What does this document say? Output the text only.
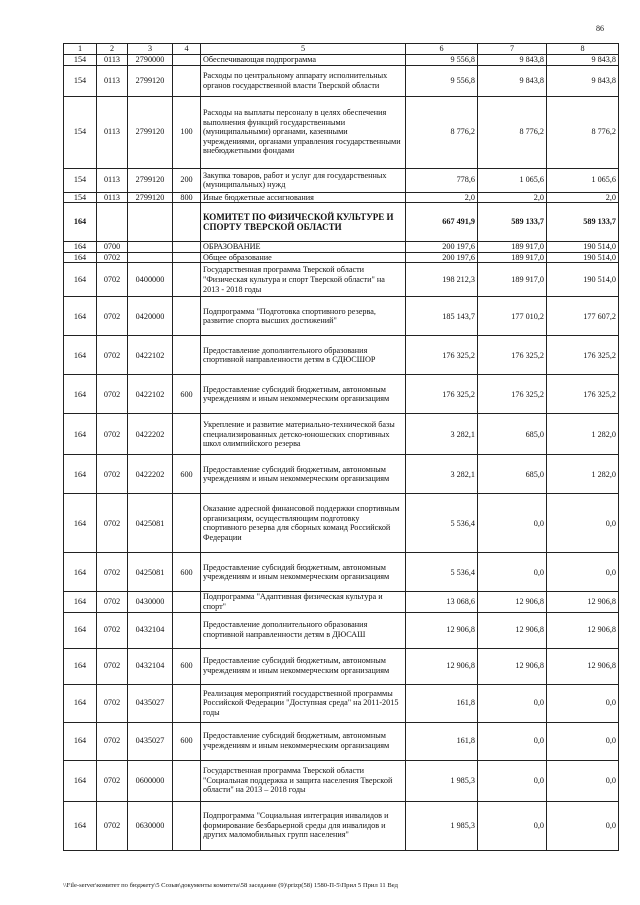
86
1	2	3	4	5	6	7	8
154	0113	2790000		Обеспечивающая подпрограмма	9 556,8	9 843,8	9 843,8
154	0113	2799120		Расходы по центральному аппарату исполнительных органов государственной власти Тверской области	9 556,8	9 843,8	9 843,8
154	0113	2799120	100	Расходы на выплаты персоналу в целях обеспечения выполнения функций государственными (муниципальными) органами, казенными учреждениями, органами управления государственными внебюджетными фондами	8 776,2	8 776,2	8 776,2
154	0113	2799120	200	Закупка товаров, работ и услуг для государственных (муниципальных) нужд	778,6	1 065,6	1 065,6
154	0113	2799120	800	Иные бюджетные ассигнования	2,0	2,0	2,0
164				КОМИТЕТ ПО ФИЗИЧЕСКОЙ КУЛЬТУРЕ И СПОРТУ ТВЕРСКОЙ ОБЛАСТИ	667 491,9	589 133,7	589 133,7
164	0700			ОБРАЗОВАНИЕ	200 197,6	189 917,0	190 514,0
164	0702			Общее образование	200 197,6	189 917,0	190 514,0
164	0702	0400000		Государственная программа Тверской области "Физическая культура и спорт Тверской области" на 2013 - 2018 годы	198 212,3	189 917,0	190 514,0
164	0702	0420000		Подпрограмма "Подготовка спортивного резерва, развитие спорта высших достижений"	185 143,7	177 010,2	177 607,2
164	0702	0422102		Предоставление дополнительного образования спортивной направленности детям в СДЮСШОР	176 325,2	176 325,2	176 325,2
164	0702	0422102	600	Предоставление субсидий бюджетным, автономным учреждениям и иным некоммерческим организациям	176 325,2	176 325,2	176 325,2
164	0702	0422202		Укрепление и развитие материально-технической базы специализированных детско-юношеских спортивных школ олимпийского резерва	3 282,1	685,0	1 282,0
164	0702	0422202	600	Предоставление субсидий бюджетным, автономным учреждениям и иным некоммерческим организациям	3 282,1	685,0	1 282,0
164	0702	0425081		Оказание адресной финансовой поддержки спортивным организациям, осуществляющим подготовку спортивного резерва для сборных команд Российской Федерации	5 536,4	0,0	0,0
164	0702	0425081	600	Предоставление субсидий бюджетным, автономным учреждениям и иным некоммерческим организациям	5 536,4	0,0	0,0
164	0702	0430000		Подпрограмма "Адаптивная физическая культура и спорт"	13 068,6	12 906,8	12 906,8
164	0702	0432104		Предоставление дополнительного образования спортивной направленности детям в ДЮСАШ	12 906,8	12 906,8	12 906,8
164	0702	0432104	600	Предоставление субсидий бюджетным, автономным учреждениям и иным некоммерческим организациям	12 906,8	12 906,8	12 906,8
164	0702	0435027		Реализация мероприятий государственной программы Российской Федерации "Доступная среда" на 2011-2015 годы	161,8	0,0	0,0
164	0702	0435027	600	Предоставление субсидий бюджетным, автономным учреждениям и иным некоммерческим организациям	161,8	0,0	0,0
164	0702	0600000		Государственная программа Тверской области "Социальная поддержка и защита населения Тверской области" на 2013 – 2018 годы	1 985,3	0,0	0,0
164	0702	0630000		Подпрограмма "Социальная интеграция инвалидов и формирование безбарьерной среды для инвалидов и других маломобильных групп населения"	1 985,3	0,0	0,0
\\File-server\комитет по бюджету\5 Созыв\документы комитета\58 заседание (9)\prizp(58) 1580-П-5\Прил 5 Прил 11 Вед
